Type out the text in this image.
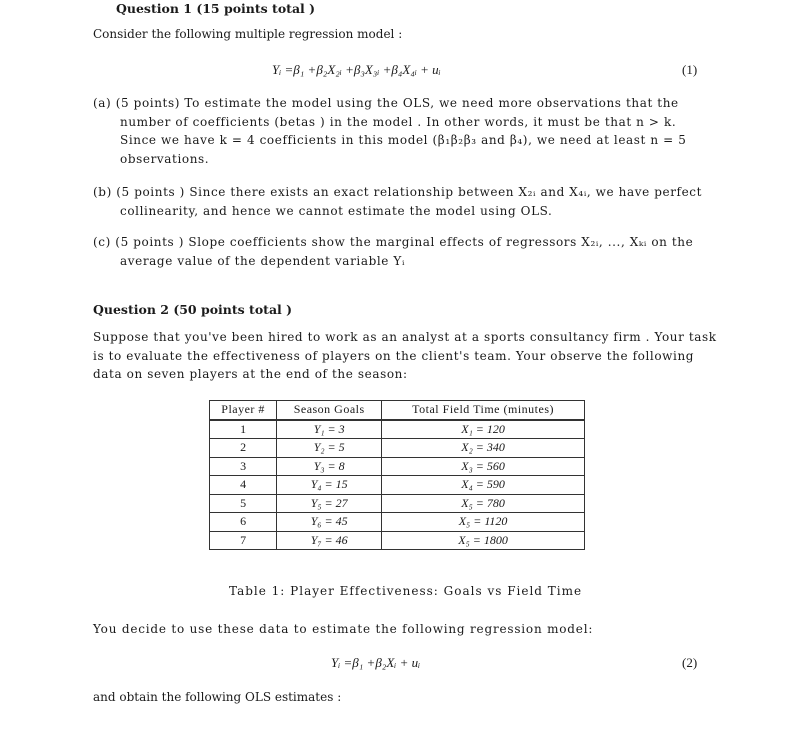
Question 1 (15 points total )
Consider the following multiple regression model :
Yᵢ =β₁ +β₂X₂ᵢ +β₃X₃ᵢ +β₄X₄ᵢ + uᵢ	(1)
(a) (5 points) To estimate the model using the OLS, we need more observations that the
number of coefficients (betas ) in the model . In other words, it must be that n > k.
Since we have k = 4 coefficients in this model (β₁β₂β₃ and β₄), we need at least n = 5
observations.
(b) (5 points ) Since there exists an exact relationship between X₂ᵢ and X₄ᵢ, we have perfect
collinearity, and hence we cannot estimate the model using OLS.
(c) (5 points ) Slope coefficients show the marginal effects of regressors X₂ᵢ, ..., Xₖᵢ on the
average value of the dependent variable Yᵢ
Question 2 (50 points total )
Suppose that you've been hired to work as an analyst at a sports consultancy firm . Your task
is to evaluate the effectiveness of players on the client's team. Your observe the following
data on seven players at the end of the season:
Player #	Season Goals	Total Field Time (minutes)
1	Y₁ = 3	X₁ = 120
2	Y₂ = 5	X₂ = 340
3	Y₃ = 8	X₃ = 560
4	Y₄ = 15	X₄ = 590
5	Y₅ = 27	X₅ = 780
6	Y₆ = 45	X₅ = 1120
7	Y₇ = 46	X₅ = 1800
Table 1: Player Effectiveness: Goals vs Field Time
You decide to use these data to estimate the following regression model:
Yᵢ =β₁ +β₂Xᵢ + uᵢ	(2)
and obtain the following OLS estimates :
